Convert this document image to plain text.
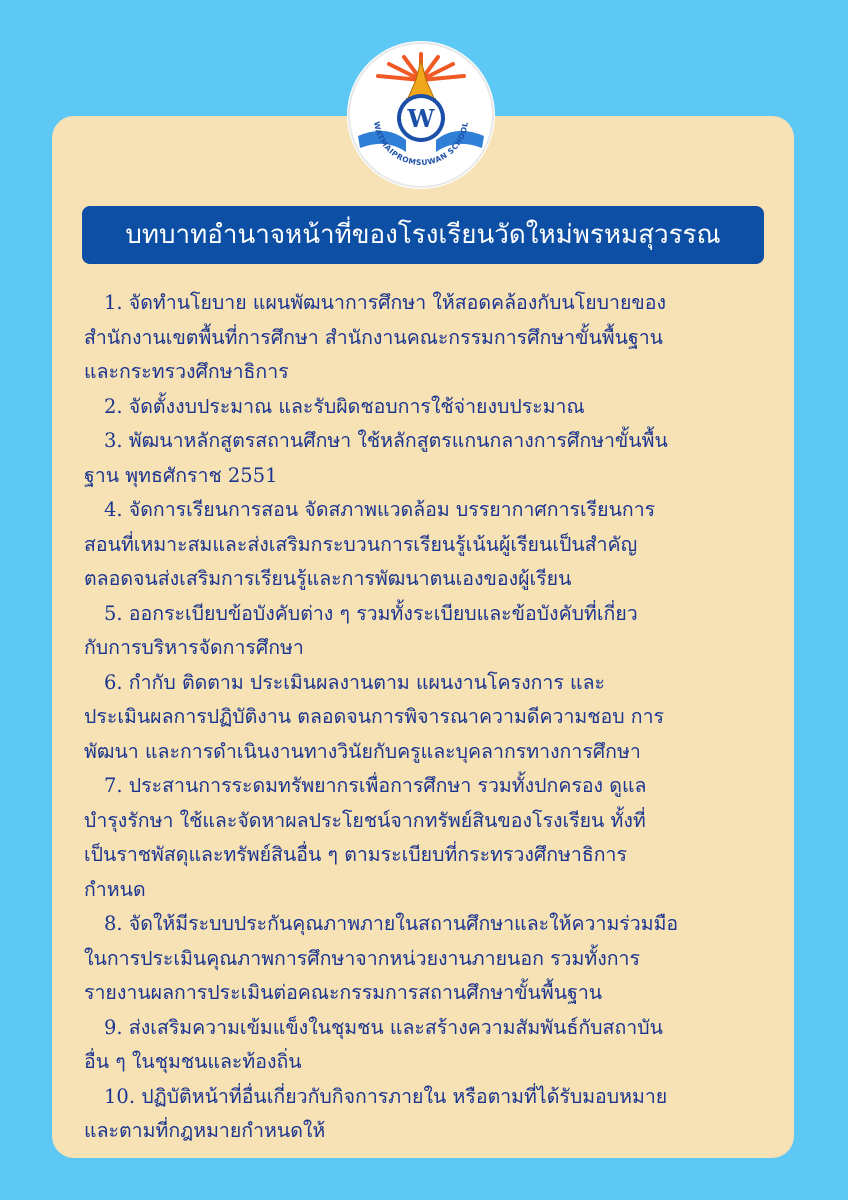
W
WATMAIPROMSUWAN SCHOOL
บทบาทอำนาจหน้าที่ของโรงเรียนวัดใหม่พรหมสุวรรณ
1. จัดทำนโยบาย แผนพัฒนาการศึกษา ให้สอดคล้องกับนโยบายของ
สำนักงานเขตพื้นที่การศึกษา สำนักงานคณะกรรมการศึกษาขั้นพื้นฐาน
และกระทรวงศึกษาธิการ
2. จัดตั้งงบประมาณ และรับผิดชอบการใช้จ่ายงบประมาณ
3. พัฒนาหลักสูตรสถานศึกษา ใช้หลักสูตรแกนกลางการศึกษาขั้นพื้น
ฐาน พุทธศักราช 2551
4. จัดการเรียนการสอน จัดสภาพแวดล้อม บรรยากาศการเรียนการ
สอนที่เหมาะสมและส่งเสริมกระบวนการเรียนรู้เน้นผู้เรียนเป็นสำคัญ
ตลอดจนส่งเสริมการเรียนรู้และการพัฒนาตนเองของผู้เรียน
5. ออกระเบียบข้อบังคับต่าง ๆ รวมทั้งระเบียบและข้อบังคับที่เกี่ยว
กับการบริหารจัดการศึกษา
6. กำกับ ติดตาม ประเมินผลงานตาม แผนงานโครงการ และ
ประเมินผลการปฏิบัติงาน ตลอดจนการพิจารณาความดีความชอบ การ
พัฒนา และการดำเนินงานทางวินัยกับครูและบุคลากรทางการศึกษา
7. ประสานการระดมทรัพยากรเพื่อการศึกษา รวมทั้งปกครอง ดูแล
บำรุงรักษา ใช้และจัดหาผลประโยชน์จากทรัพย์สินของโรงเรียน ทั้งที่
เป็นราชพัสดุและทรัพย์สินอื่น ๆ ตามระเบียบที่กระทรวงศึกษาธิการ
กำหนด
8. จัดให้มีระบบประกันคุณภาพภายในสถานศึกษาและให้ความร่วมมือ
ในการประเมินคุณภาพการศึกษาจากหน่วยงานภายนอก รวมทั้งการ
รายงานผลการประเมินต่อคณะกรรมการสถานศึกษาขั้นพื้นฐาน
9. ส่งเสริมความเข้มแข็งในชุมชน และสร้างความสัมพันธ์กับสถาบัน
อื่น ๆ ในชุมชนและท้องถิ่น
10. ปฏิบัติหน้าที่อื่นเกี่ยวกับกิจการภายใน หรือตามที่ได้รับมอบหมาย
และตามที่กฎหมายกำหนดให้
